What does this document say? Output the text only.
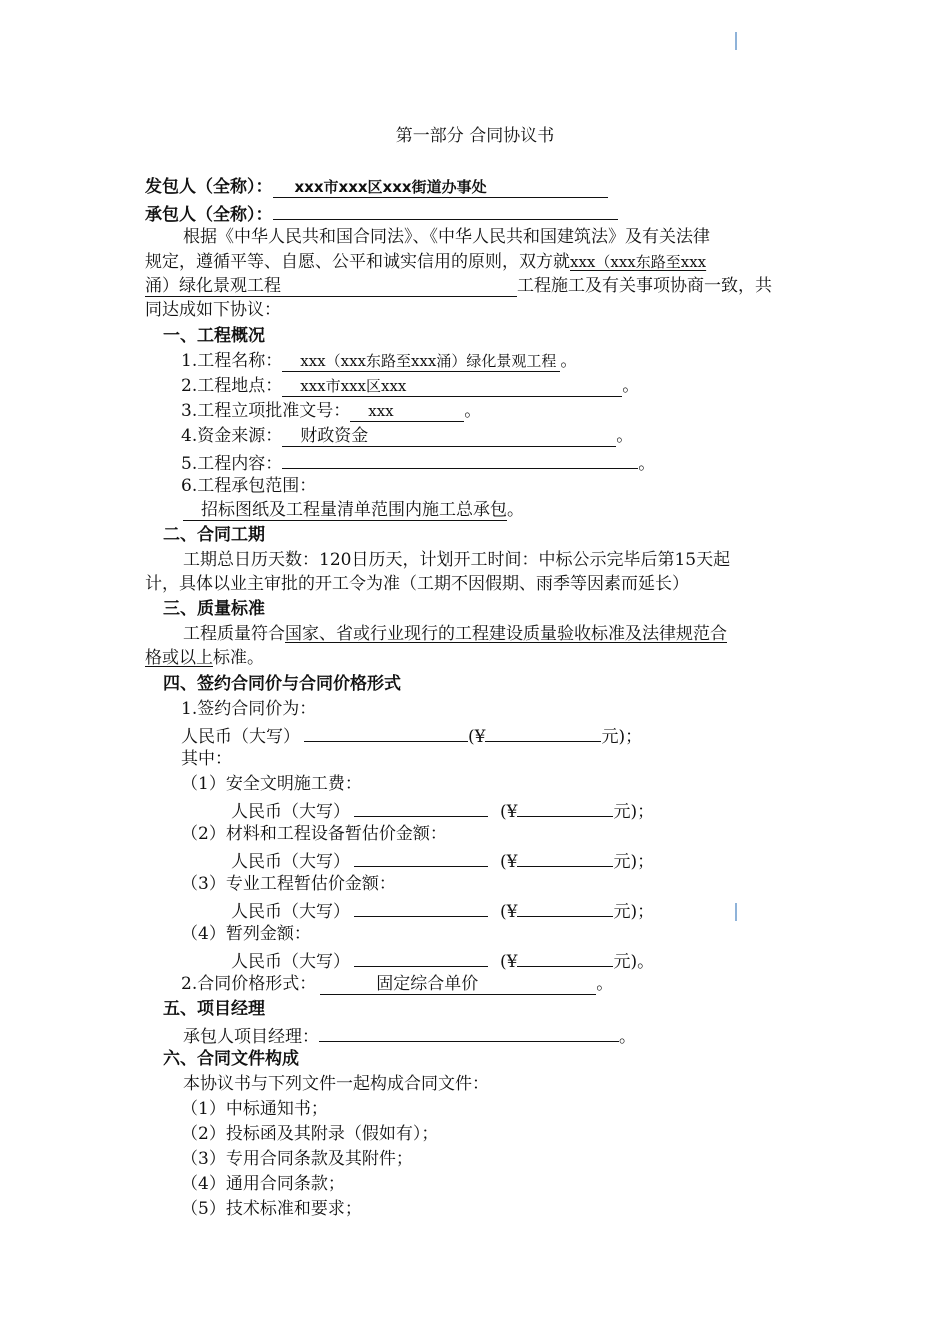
第一部分 合同协议书
发包人（全称）： xxx市xxx区xxx街道办事处
承包人（全称）：
根据《中华人民共和国合同法》、《中华人民共和国建筑法》及有关法律
规定，遵循平等、自愿、公平和诚实信用的原则，双方就xxx（xxx东路至xxx
涌）绿化景观工程	工程施工及有关事项协商一致，共
同达成如下协议：
一、工程概况
1.工程名称： xxx（xxx东路至xxx涌）绿化景观工程 。
2.工程地点： xxx市xxx区xxx	。
3.工程立项批准文号： xxx	。
4.资金来源： 财政资金	。
5.工程内容：	。
6.工程承包范围：
招标图纸及工程量清单范围内施工总承包。
二、合同工期
工期总日历天数：120日历天，计划开工时间：中标公示完毕后第15天起
计，具体以业主审批的开工令为准（工期不因假期、雨季等因素而延长）
三、质量标准
工程质量符合国家、省或行业现行的工程建设质量验收标准及法律规范合
格或以上标准。
四、签约合同价与合同价格形式
1.签约合同价为：
人民币（大写）	(¥	元)；
其中：
（1）安全文明施工费：
人民币（大写）	(¥	元)；
（2）材料和工程设备暂估价金额：
人民币（大写）	(¥	元)；
（3）专业工程暂估价金额：
人民币（大写）	(¥	元)；
（4）暂列金额：
人民币（大写）	(¥	元)。
2.合同价格形式：	固定综合单价	。
五、项目经理
承包人项目经理：	。
六、合同文件构成
本协议书与下列文件一起构成合同文件：
（1）中标通知书；
（2）投标函及其附录（假如有）；
（3）专用合同条款及其附件；
（4）通用合同条款；
（5）技术标准和要求；
